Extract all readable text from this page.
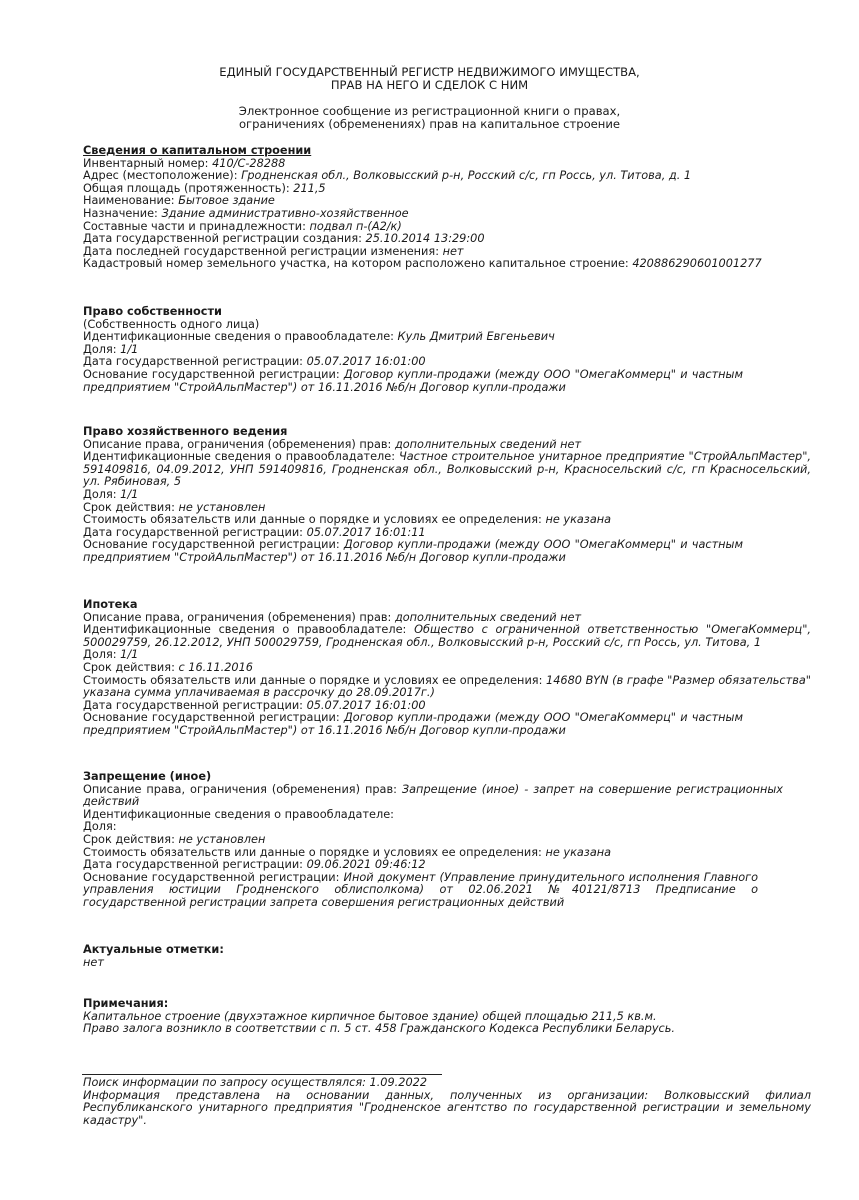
ЕДИНЫЙ ГОСУДАРСТВЕННЫЙ РЕГИСТР НЕДВИЖИМОГО ИМУЩЕСТВА,
ПРАВ НА НЕГО И СДЕЛОК С НИМ
Электронное сообщение из регистрационной книги о правах,
ограничениях (обременениях) прав на капитальное строение
Сведения о капитальном строении
Инвентарный номер: 410/С-28288
Адрес (местоположение): Гродненская обл., Волковысский р-н, Росский с/с, гп Россь, ул. Титова, д. 1
Общая площадь (протяженность): 211,5
Наименование: Бытовое здание
Назначение: Здание административно-хозяйственное
Составные части и принадлежности: подвал п-(А2/к)
Дата государственной регистрации создания: 25.10.2014 13:29:00
Дата последней государственной регистрации изменения: нет
Кадастровый номер земельного участка, на котором расположено капитальное строение: 420886290601001277
Право собственности
(Собственность одного лица)
Идентификационные сведения о правообладателе: Куль Дмитрий Евгеньевич
Доля: 1/1
Дата государственной регистрации: 05.07.2017 16:01:00
Основание государственной регистрации: Договор купли-продажи (между ООО "ОмегаКоммерц" и частным предприятием "СтройАльпМастер") от 16.11.2016 №б/н Договор купли-продажи
Право хозяйственного ведения
Описание права, ограничения (обременения) прав: дополнительных сведений нет
Идентификационные сведения о правообладателе: Частное строительное унитарное предприятие "СтройАльпМастер", 591409816, 04.09.2012, УНП 591409816, Гродненская обл., Волковысский р-н, Красносельский с/с, гп Красносельский, ул. Рябиновая, 5
Доля: 1/1
Срок действия: не установлен
Стоимость обязательств или данные о порядке и условиях ее определения: не указана
Дата государственной регистрации: 05.07.2017 16:01:11
Основание государственной регистрации: Договор купли-продажи (между ООО "ОмегаКоммерц" и частным предприятием "СтройАльпМастер") от 16.11.2016 №б/н Договор купли-продажи
Ипотека
Описание права, ограничения (обременения) прав: дополнительных сведений нет
Идентификационные сведения о правообладателе: Общество с ограниченной ответственностью "ОмегаКоммерц", 500029759, 26.12.2012, УНП 500029759, Гродненская обл., Волковысский р-н, Росский с/с, гп Россь, ул. Титова, 1
Доля: 1/1
Срок действия: с 16.11.2016
Стоимость обязательств или данные о порядке и условиях ее определения: 14680 BYN (в графе "Размер обязательства" указана сумма уплачиваемая в рассрочку до 28.09.2017г.)
Дата государственной регистрации: 05.07.2017 16:01:00
Основание государственной регистрации: Договор купли-продажи (между ООО "ОмегаКоммерц" и частным предприятием "СтройАльпМастер") от 16.11.2016 №б/н Договор купли-продажи
Запрещение (иное)
Описание права, ограничения (обременения) прав: Запрещение (иное) - запрет на совершение регистрационных действий
Идентификационные сведения о правообладателе:
Доля:
Срок действия: не установлен
Стоимость обязательств или данные о порядке и условиях ее определения: не указана
Дата государственной регистрации: 09.06.2021 09:46:12
Основание государственной регистрации: Иной документ (Управление принудительного исполнения Главного управления юстиции Гродненского облисполкома) от 02.06.2021 №40121/8713 Предписание о государственной регистрации запрета совершения регистрационных действий
Актуальные отметки:
нет
Примечания:
Капитальное строение (двухэтажное кирпичное бытовое здание) общей площадью 211,5 кв.м.
Право залога возникло в соответствии с п. 5 ст. 458 Гражданского Кодекса Республики Беларусь.
Поиск информации по запросу осуществлялся: 1.09.2022
Информация представлена на основании данных, полученных из организации: Волковысский филиал Республиканского унитарного предприятия "Гродненское агентство по государственной регистрации и земельному кадастру".
